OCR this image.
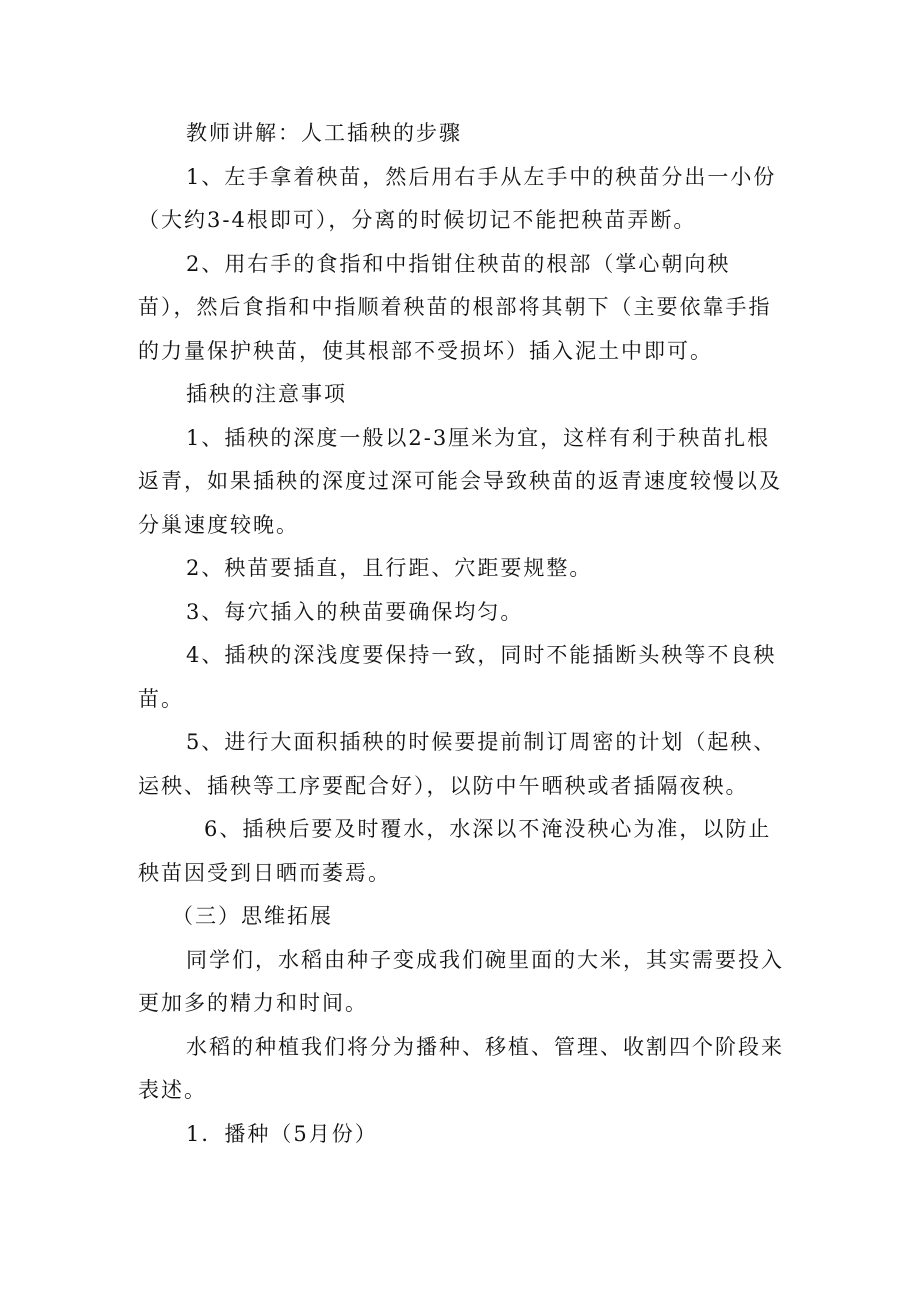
教师讲解：人工插秧的步骤

1、左手拿着秧苗，然后用右手从左手中的秧苗分出一小份（大约3-4根即可），分离的时候切记不能把秧苗弄断。

2、用右手的食指和中指钳住秧苗的根部（掌心朝向秧苗），然后食指和中指顺着秧苗的根部将其朝下（主要依靠手指的力量保护秧苗，使其根部不受损坏）插入泥土中即可。

插秧的注意事项

1、插秧的深度一般以2-3厘米为宜，这样有利于秧苗扎根返青，如果插秧的深度过深可能会导致秧苗的返青速度较慢以及分巢速度较晚。

2、秧苗要插直，且行距、穴距要规整。

3、每穴插入的秧苗要确保均匀。

4、插秧的深浅度要保持一致，同时不能插断头秧等不良秧苗。

5、进行大面积插秧的时候要提前制订周密的计划（起秧、运秧、插秧等工序要配合好），以防中午晒秧或者插隔夜秧。

6、插秧后要及时覆水，水深以不淹没秧心为准，以防止秧苗因受到日晒而萎焉。

（三）思维拓展

同学们，水稻由种子变成我们碗里面的大米，其实需要投入更加多的精力和时间。

水稻的种植我们将分为播种、移植、管理、收割四个阶段来表述。

1．播种（5月份）
